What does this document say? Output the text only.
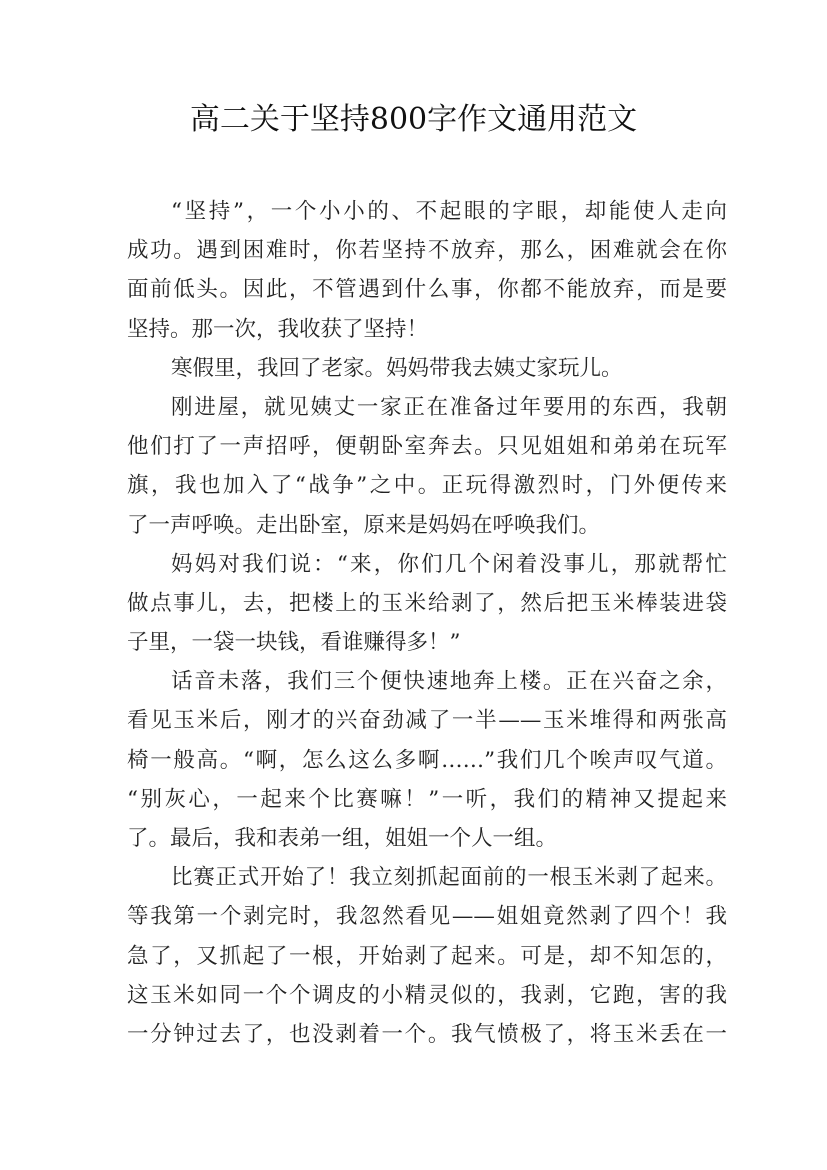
高二关于坚持800字作文通用范文
“坚持”，一个小小的、不起眼的字眼，却能使人走向
成功。遇到困难时，你若坚持不放弃，那么，困难就会在你
面前低头。因此，不管遇到什么事，你都不能放弃，而是要
坚持。那一次，我收获了坚持！
寒假里，我回了老家。妈妈带我去姨丈家玩儿。
刚进屋，就见姨丈一家正在准备过年要用的东西，我朝
他们打了一声招呼，便朝卧室奔去。只见姐姐和弟弟在玩军
旗，我也加入了“战争”之中。正玩得激烈时，门外便传来
了一声呼唤。走出卧室，原来是妈妈在呼唤我们。
妈妈对我们说：“来，你们几个闲着没事儿，那就帮忙
做点事儿，去，把楼上的玉米给剥了，然后把玉米棒装进袋
子里，一袋一块钱，看谁赚得多！”
话音未落，我们三个便快速地奔上楼。正在兴奋之余，
看见玉米后，刚才的兴奋劲减了一半——玉米堆得和两张高
椅一般高。“啊，怎么这么多啊……”我们几个唉声叹气道。
“别灰心，一起来个比赛嘛！”一听，我们的精神又提起来
了。最后，我和表弟一组，姐姐一个人一组。
比赛正式开始了！我立刻抓起面前的一根玉米剥了起来。
等我第一个剥完时，我忽然看见——姐姐竟然剥了四个！我
急了，又抓起了一根，开始剥了起来。可是，却不知怎的，
这玉米如同一个个调皮的小精灵似的，我剥，它跑，害的我
一分钟过去了，也没剥着一个。我气愤极了，将玉米丢在一
